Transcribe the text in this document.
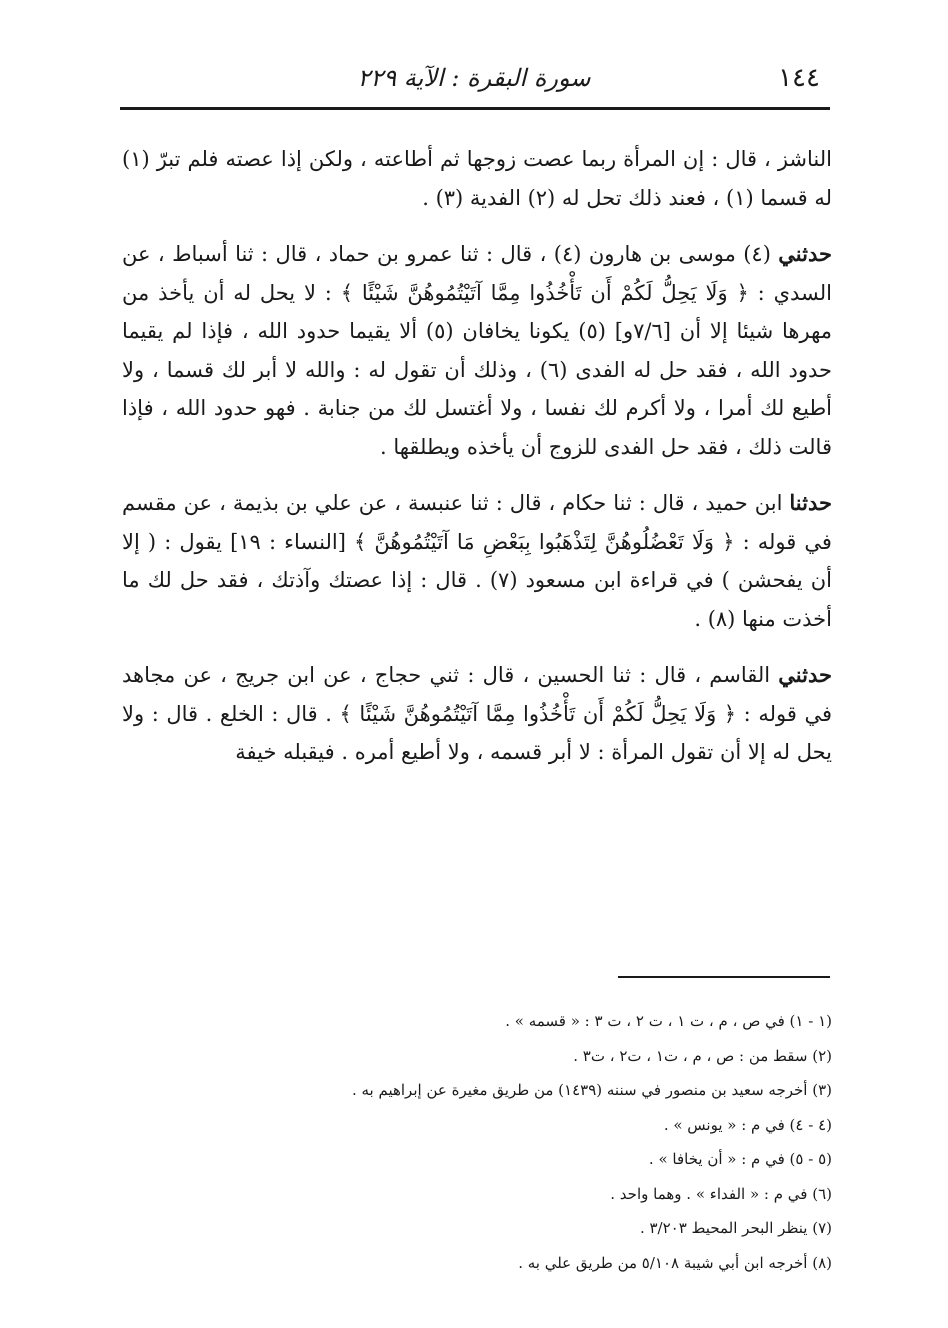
١٤٤
سورة البقرة : الآية ٢٢٩

الناشز ، قال : إن المرأة ربما عصت زوجها ثم أطاعته ، ولكن إذا عصته فلم تبرّ (١) له قسما (١) ، فعند ذلك تحل له (٢) الفدية (٣) .

حدثني (٤) موسى بن هارون (٤) ، قال : ثنا عمرو بن حماد ، قال : ثنا أسباط ، عن السدي : ﴿ وَلَا يَحِلُّ لَكُمْ أَن تَأْخُذُوا مِمَّا آتَيْتُمُوهُنَّ شَيْئًا ﴾ : لا يحل له أن يأخذ من مهرها شيئا إلا أن [٧/٦و] (٥) يكونا يخافان (٥) ألا يقيما حدود الله ، فإذا لم يقيما حدود الله ، فقد حل له الفدى (٦) ، وذلك أن تقول له : والله لا أبر لك قسما ، ولا أطيع لك أمرا ، ولا أكرم لك نفسا ، ولا أغتسل لك من جنابة . فهو حدود الله ، فإذا قالت ذلك ، فقد حل الفدى للزوج أن يأخذه ويطلقها .

حدثنا ابن حميد ، قال : ثنا حكام ، قال : ثنا عنبسة ، عن علي بن بذيمة ، عن مقسم في قوله : ﴿ وَلَا تَعْضُلُوهُنَّ لِتَذْهَبُوا بِبَعْضِ مَا آتَيْتُمُوهُنَّ ﴾ [النساء : ١٩] يقول : ( إلا أن يفحشن ) في قراءة ابن مسعود (٧) . قال : إذا عصتك وآذتك ، فقد حل لك ما أخذت منها (٨) .

حدثني القاسم ، قال : ثنا الحسين ، قال : ثني حجاج ، عن ابن جريج ، عن مجاهد في قوله : ﴿ وَلَا يَحِلُّ لَكُمْ أَن تَأْخُذُوا مِمَّا آتَيْتُمُوهُنَّ شَيْئًا ﴾ . قال : الخلع . قال : ولا يحل له إلا أن تقول المرأة : لا أبر قسمه ، ولا أطيع أمره . فيقبله خيفة

(١ - ١) في ص ، م ، ت ١ ، ت ٢ ، ت ٣ : « قسمه » .

(٢) سقط من : ص ، م ، ت١ ، ت٢ ، ت٣ .

(٣) أخرجه سعيد بن منصور في سننه (١٤٣٩) من طريق مغيرة عن إبراهيم به .

(٤ - ٤) في م : « يونس » .

(٥ - ٥) في م : « أن يخافا » .

(٦) في م : « الفداء » . وهما واحد .

(٧) ينظر البحر المحيط ٣/٢٠٣ .

(٨) أخرجه ابن أبي شيبة ٥/١٠٨ من طريق علي به .
